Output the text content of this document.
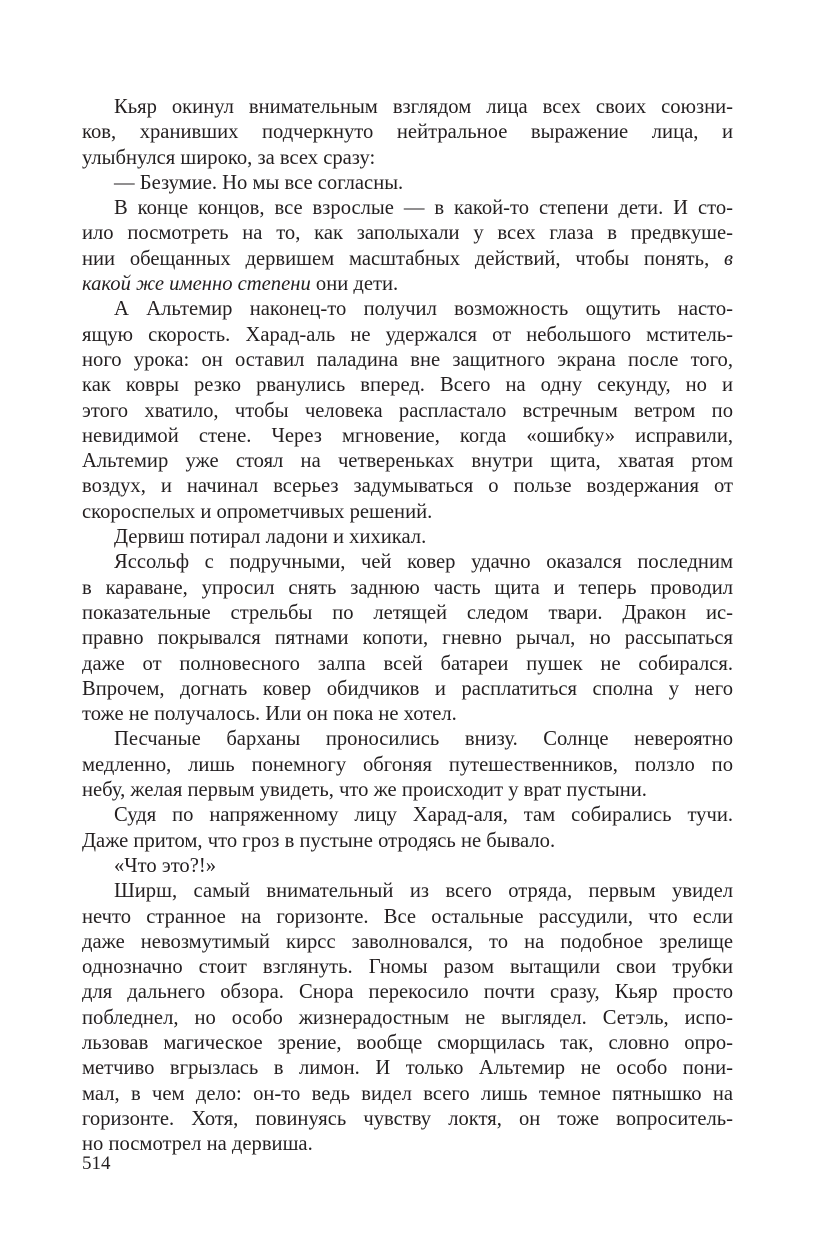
Кьяр окинул внимательным взглядом лица всех своих союзни-
ков, хранивших подчеркнуто нейтральное выражение лица, и
улыбнулся широко, за всех сразу:
— Безумие. Но мы все согласны.
В конце концов, все взрослые — в какой-то степени дети. И сто-
ило посмотреть на то, как заполыхали у всех глаза в предвкуше-
нии обещанных дервишем масштабных действий, чтобы понять, в
какой же именно степени они дети.
А Альтемир наконец-то получил возможность ощутить насто-
ящую скорость. Харад-аль не удержался от небольшого мститель-
ного урока: он оставил паладина вне защитного экрана после того,
как ковры резко рванулись вперед. Всего на одну секунду, но и
этого хватило, чтобы человека распластало встречным ветром по
невидимой стене. Через мгновение, когда «ошибку» исправили,
Альтемир уже стоял на четвереньках внутри щита, хватая ртом
воздух, и начинал всерьез задумываться о пользе воздержания от
скороспелых и опрометчивых решений.
Дервиш потирал ладони и хихикал.
Яссольф с подручными, чей ковер удачно оказался последним
в караване, упросил снять заднюю часть щита и теперь проводил
показательные стрельбы по летящей следом твари. Дракон ис-
правно покрывался пятнами копоти, гневно рычал, но рассыпаться
даже от полновесного залпа всей батареи пушек не собирался.
Впрочем, догнать ковер обидчиков и расплатиться сполна у него
тоже не получалось. Или он пока не хотел.
Песчаные барханы проносились внизу. Солнце невероятно
медленно, лишь понемногу обгоняя путешественников, ползло по
небу, желая первым увидеть, что же происходит у врат пустыни.
Судя по напряженному лицу Харад-аля, там собирались тучи.
Даже притом, что гроз в пустыне отродясь не бывало.
«Что это?!»
Ширш, самый внимательный из всего отряда, первым увидел
нечто странное на горизонте. Все остальные рассудили, что если
даже невозмутимый кирсс заволновался, то на подобное зрелище
однозначно стоит взглянуть. Гномы разом вытащили свои трубки
для дальнего обзора. Снора перекосило почти сразу, Кьяр просто
побледнел, но особо жизнерадостным не выглядел. Сетэль, испо-
льзовав магическое зрение, вообще сморщилась так, словно опро-
метчиво вгрызлась в лимон. И только Альтемир не особо пони-
мал, в чем дело: он-то ведь видел всего лишь темное пятнышко на
горизонте. Хотя, повинуясь чувству локтя, он тоже вопроситель-
но посмотрел на дервиша.
514
